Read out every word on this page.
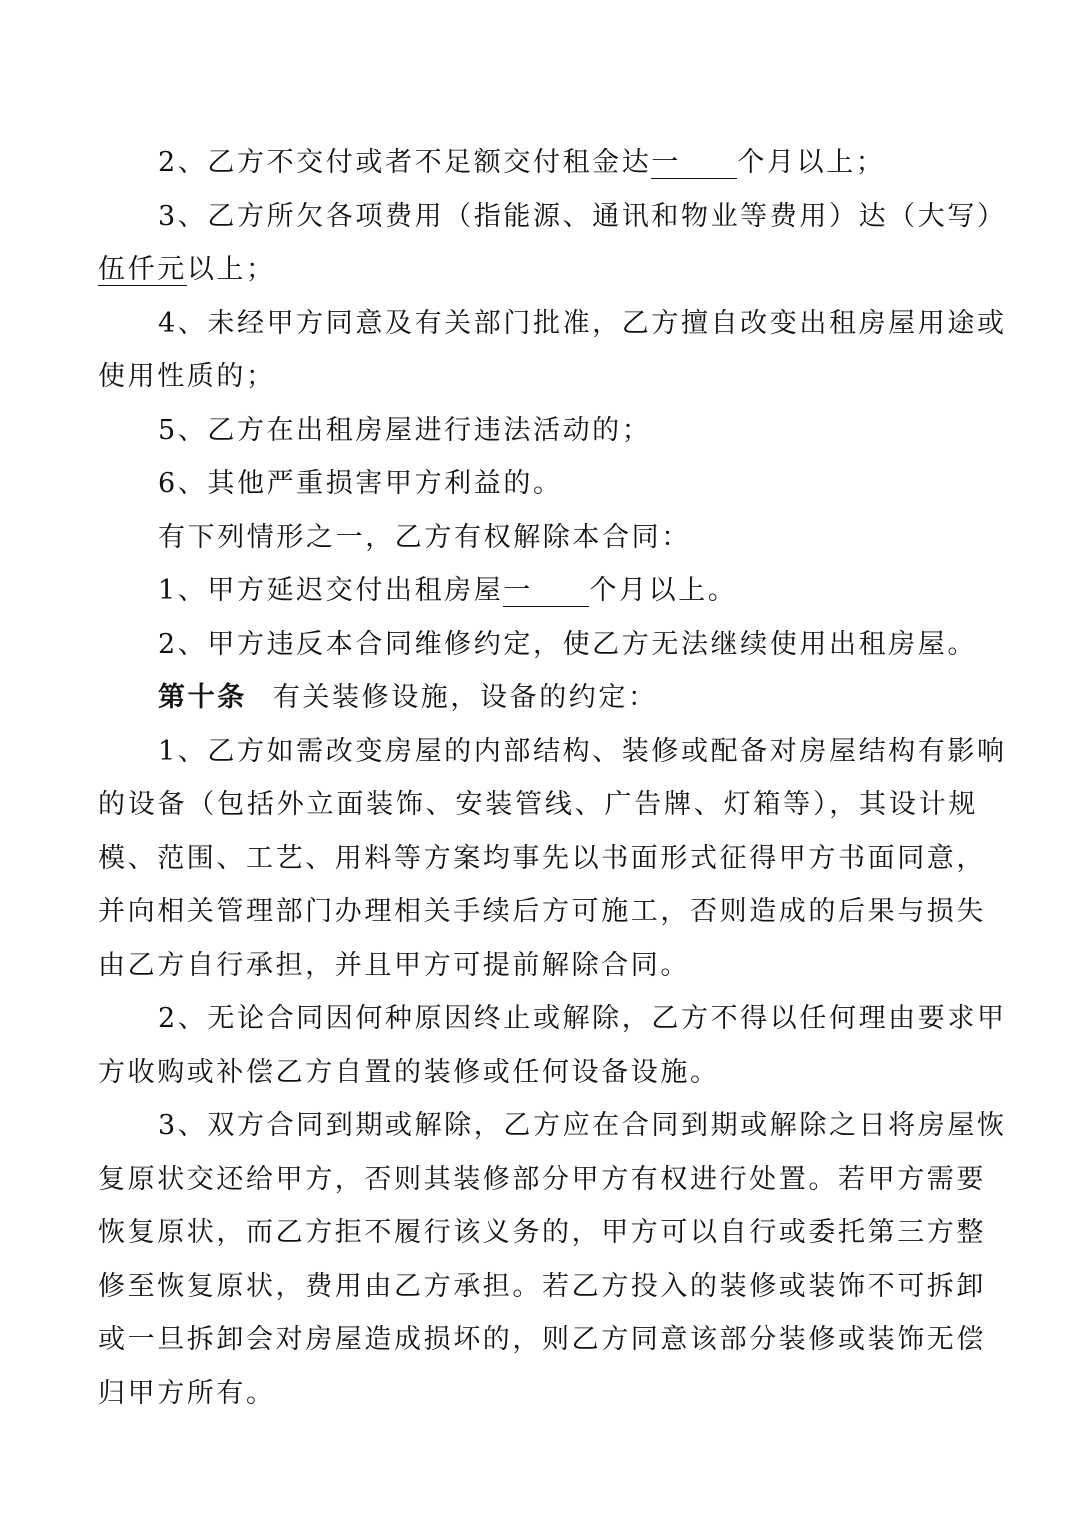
2、乙方不交付或者不足额交付租金达一 个月以上；
3、乙方所欠各项费用（指能源、通讯和物业等费用）达（大写）
伍仟元以上；
4、未经甲方同意及有关部门批准，乙方擅自改变出租房屋用途或
使用性质的；
5、乙方在出租房屋进行违法活动的；
6、其他严重损害甲方利益的。
有下列情形之一，乙方有权解除本合同：
1、甲方延迟交付出租房屋一 个月以上。
2、甲方违反本合同维修约定，使乙方无法继续使用出租房屋。
第十条 有关装修设施，设备的约定：
1、乙方如需改变房屋的内部结构、装修或配备对房屋结构有影响
的设备（包括外立面装饰、安装管线、广告牌、灯箱等），其设计规
模、范围、工艺、用料等方案均事先以书面形式征得甲方书面同意，
并向相关管理部门办理相关手续后方可施工，否则造成的后果与损失
由乙方自行承担，并且甲方可提前解除合同。
2、无论合同因何种原因终止或解除，乙方不得以任何理由要求甲
方收购或补偿乙方自置的装修或任何设备设施。
3、双方合同到期或解除，乙方应在合同到期或解除之日将房屋恢
复原状交还给甲方，否则其装修部分甲方有权进行处置。若甲方需要
恢复原状，而乙方拒不履行该义务的，甲方可以自行或委托第三方整
修至恢复原状，费用由乙方承担。若乙方投入的装修或装饰不可拆卸
或一旦拆卸会对房屋造成损坏的，则乙方同意该部分装修或装饰无偿
归甲方所有。
